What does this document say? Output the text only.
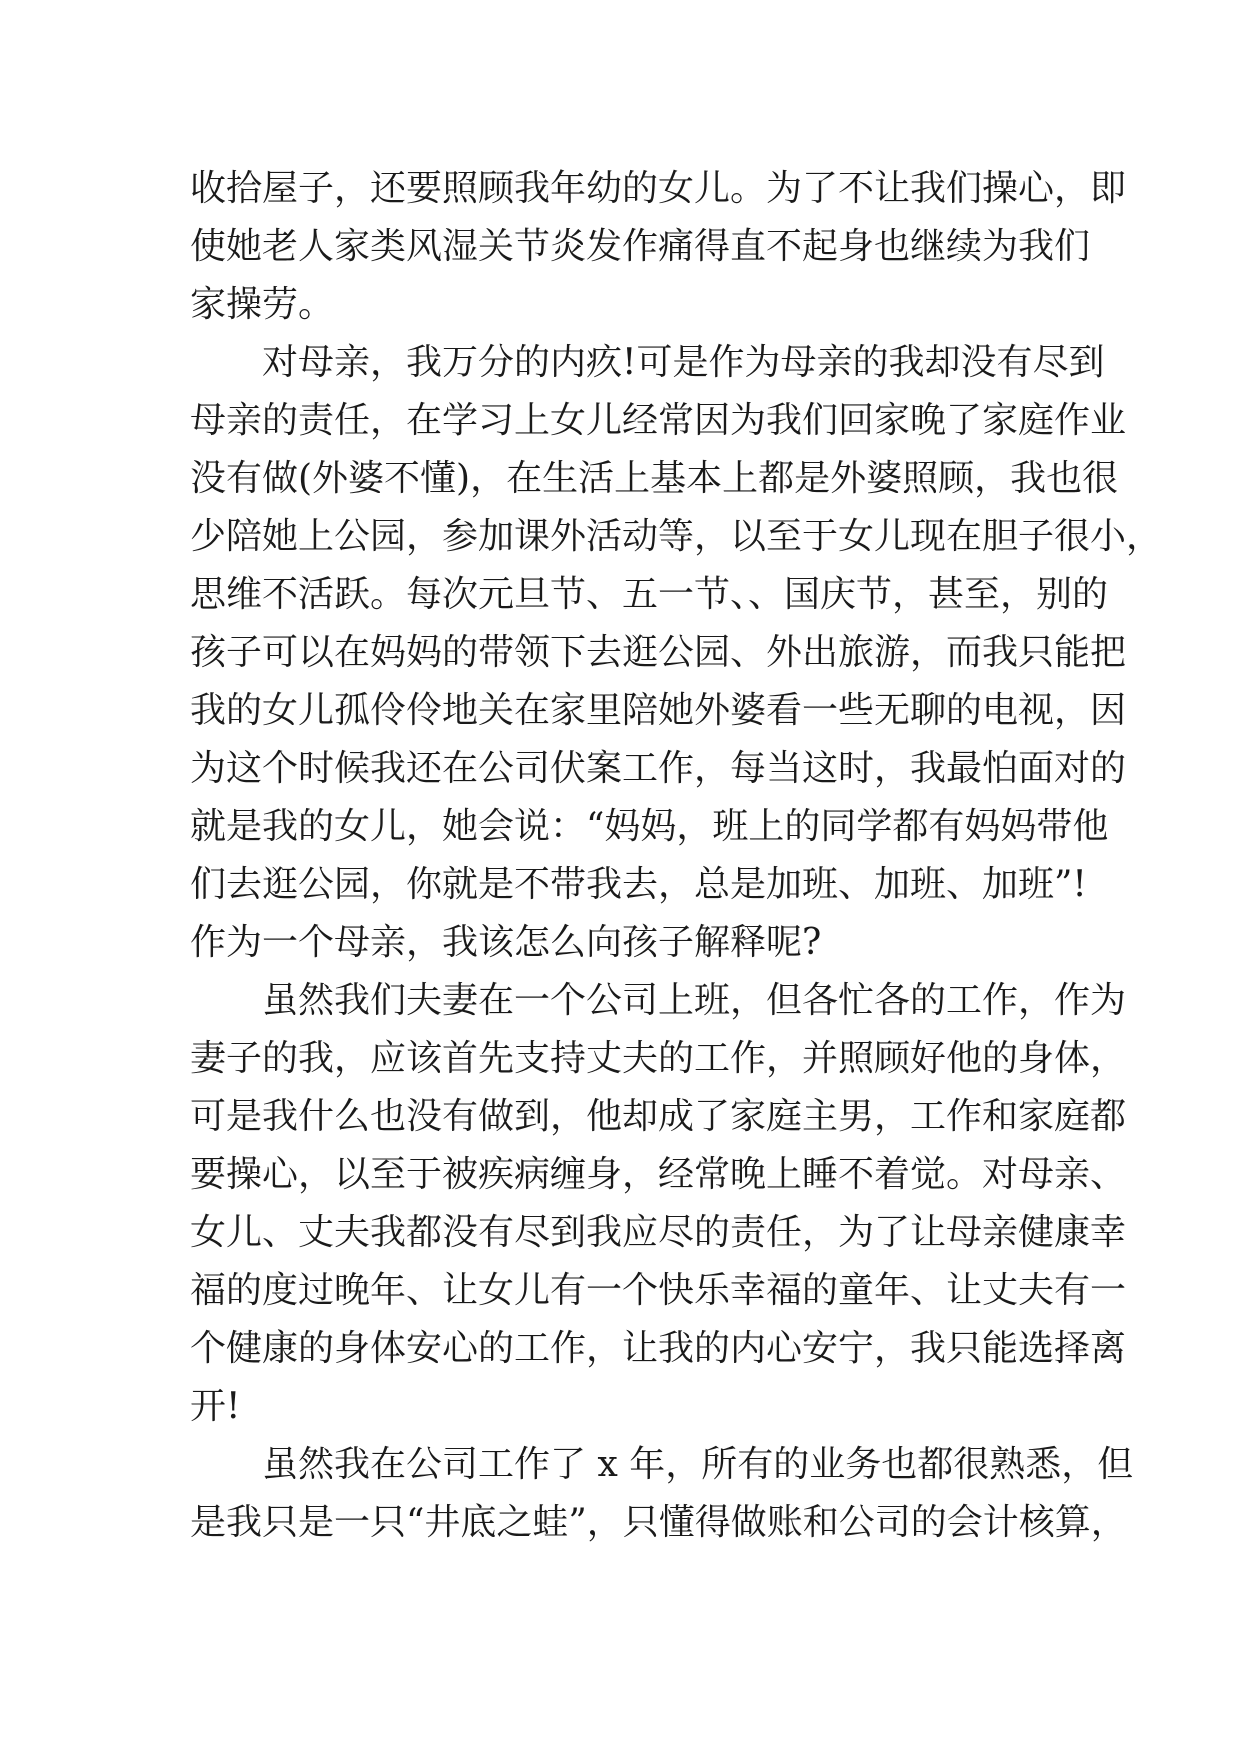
收拾屋子，还要照顾我年幼的女儿。为了不让我们操心，即
使她老人家类风湿关节炎发作痛得直不起身也继续为我们
家操劳。
对母亲，我万分的内疚!可是作为母亲的我却没有尽到
母亲的责任，在学习上女儿经常因为我们回家晚了家庭作业
没有做(外婆不懂)，在生活上基本上都是外婆照顾，我也很
少陪她上公园，参加课外活动等，以至于女儿现在胆子很小，
思维不活跃。每次元旦节、五一节、、国庆节，甚至，别的
孩子可以在妈妈的带领下去逛公园、外出旅游，而我只能把
我的女儿孤伶伶地关在家里陪她外婆看一些无聊的电视，因
为这个时候我还在公司伏案工作，每当这时，我最怕面对的
就是我的女儿，她会说：“妈妈，班上的同学都有妈妈带他
们去逛公园，你就是不带我去，总是加班、加班、加班”!
作为一个母亲，我该怎么向孩子解释呢?
虽然我们夫妻在一个公司上班，但各忙各的工作，作为
妻子的我，应该首先支持丈夫的工作，并照顾好他的身体，
可是我什么也没有做到，他却成了家庭主男，工作和家庭都
要操心，以至于被疾病缠身，经常晚上睡不着觉。对母亲、
女儿、丈夫我都没有尽到我应尽的责任，为了让母亲健康幸
福的度过晚年、让女儿有一个快乐幸福的童年、让丈夫有一
个健康的身体安心的工作，让我的内心安宁，我只能选择离
开!
虽然我在公司工作了 x 年，所有的业务也都很熟悉，但
是我只是一只“井底之蛙”，只懂得做账和公司的会计核算，
